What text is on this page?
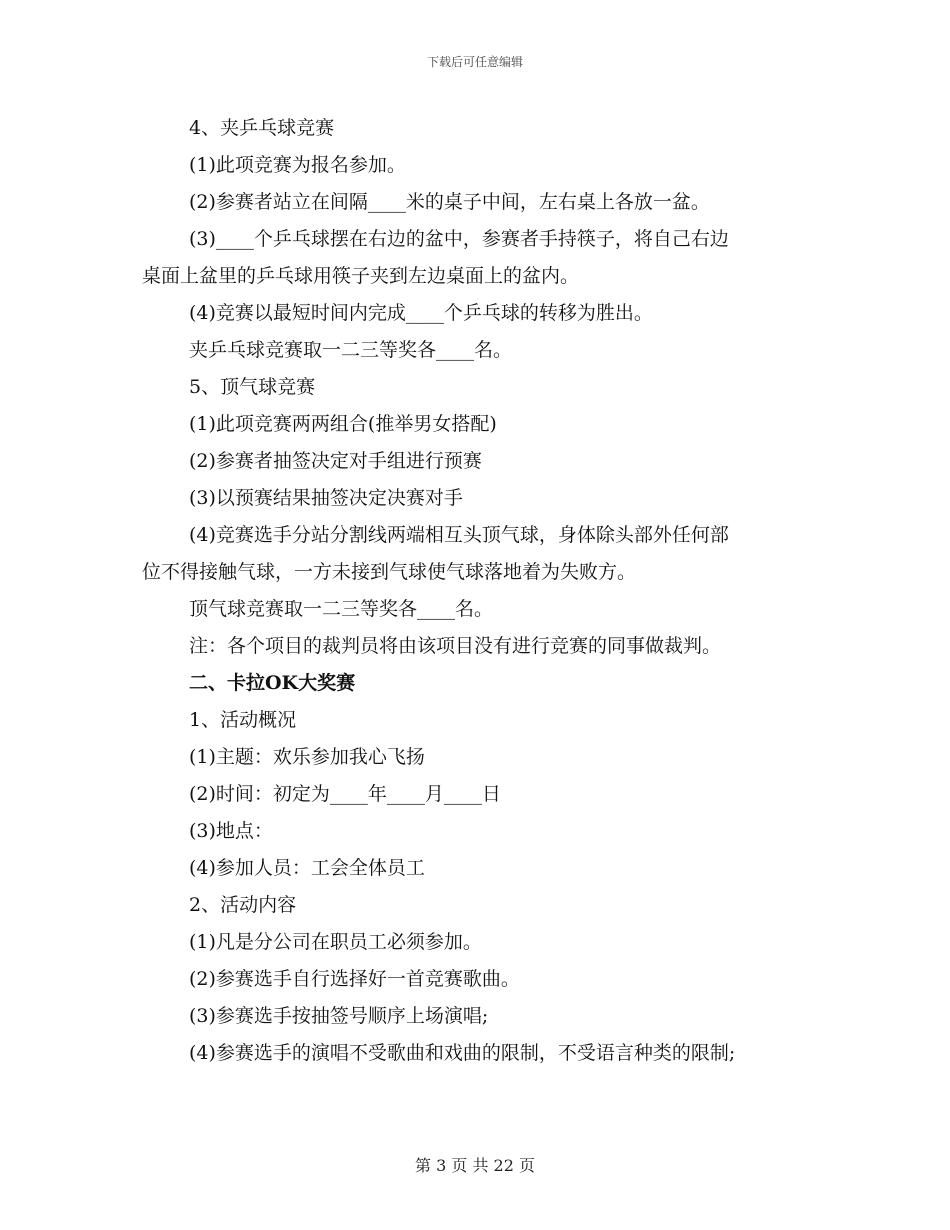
下载后可任意编辑
4、夹乒乓球竞赛
(1)此项竞赛为报名参加。
(2)参赛者站立在间隔____米的桌子中间，左右桌上各放一盆。
(3)____个乒乓球摆在右边的盆中，参赛者手持筷子，将自己右边
桌面上盆里的乒乓球用筷子夹到左边桌面上的盆内。
(4)竞赛以最短时间内完成____个乒乓球的转移为胜出。
夹乒乓球竞赛取一二三等奖各____名。
5、顶气球竞赛
(1)此项竞赛两两组合(推举男女搭配)
(2)参赛者抽签决定对手组进行预赛
(3)以预赛结果抽签决定决赛对手
(4)竞赛选手分站分割线两端相互头顶气球，身体除头部外任何部
位不得接触气球，一方未接到气球使气球落地着为失败方。
顶气球竞赛取一二三等奖各____名。
注：各个项目的裁判员将由该项目没有进行竞赛的同事做裁判。
二、卡拉OK大奖赛
1、活动概况
(1)主题：欢乐参加我心飞扬
(2)时间：初定为____年____月____日
(3)地点：
(4)参加人员：工会全体员工
2、活动内容
(1)凡是分公司在职员工必须参加。
(2)参赛选手自行选择好一首竞赛歌曲。
(3)参赛选手按抽签号顺序上场演唱;
(4)参赛选手的演唱不受歌曲和戏曲的限制，不受语言种类的限制;
第 3 页 共 22 页
